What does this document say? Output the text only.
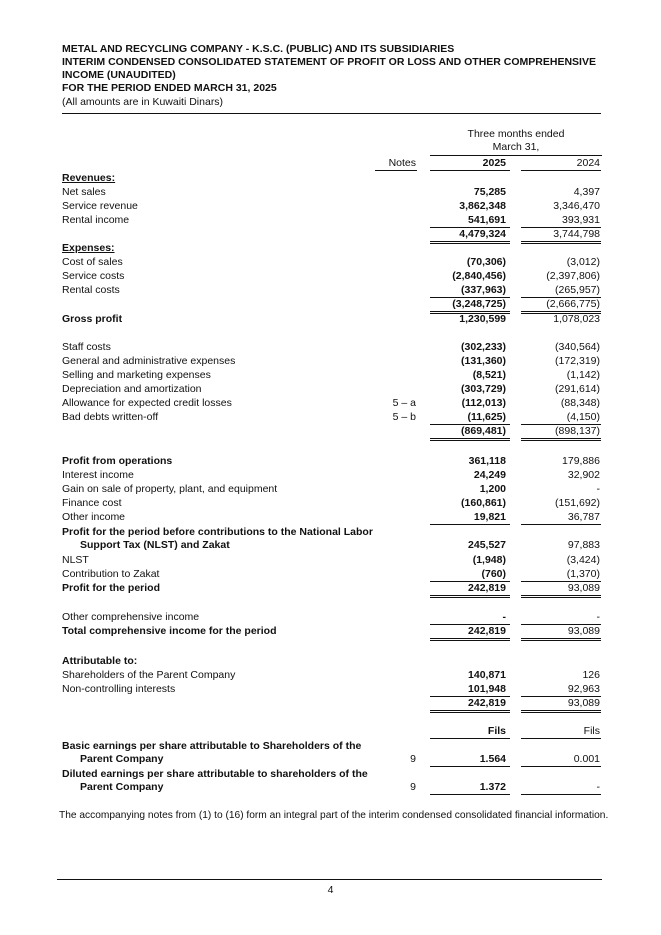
METAL AND RECYCLING COMPANY - K.S.C. (PUBLIC) AND ITS SUBSIDIARIES
INTERIM CONDENSED CONSOLIDATED STATEMENT OF PROFIT OR LOSS AND OTHER COMPREHENSIVE
INCOME (UNAUDITED)
FOR THE PERIOD ENDED MARCH 31, 2025
(All amounts are in Kuwaiti Dinars)
Three months ended
March 31,
Notes	2025	2024
Revenues:
Net sales	75,285	4,397
Service revenue	3,862,348	3,346,470
Rental income	541,691	393,931
4,479,324	3,744,798
Expenses:
Cost of sales	(70,306)	(3,012)
Service costs	(2,840,456)	(2,397,806)
Rental costs	(337,963)	(265,957)
(3,248,725)	(2,666,775)
Gross profit	1,230,599	1,078,023
Staff costs	(302,233)	(340,564)
General and administrative expenses	(131,360)	(172,319)
Selling and marketing expenses	(8,521)	(1,142)
Depreciation and amortization	(303,729)	(291,614)
Allowance for expected credit losses	5 – a	(112,013)	(88,348)
Bad debts written-off	5 – b	(11,625)	(4,150)
(869,481)	(898,137)
Profit from operations	361,118	179,886
Interest income	24,249	32,902
Gain on sale of property, plant, and equipment	1,200	-
Finance cost	(160,861)	(151,692)
Other income	19,821	36,787
Profit for the period before contributions to the National Labor
Support Tax (NLST) and Zakat	245,527	97,883
NLST	(1,948)	(3,424)
Contribution to Zakat	(760)	(1,370)
Profit for the period	242,819	93,089
Other comprehensive income	-	-
Total comprehensive income for the period	242,819	93,089
Attributable to:
Shareholders of the Parent Company	140,871	126
Non-controlling interests	101,948	92,963
242,819	93,089
Fils	Fils
Basic earnings per share attributable to Shareholders of the
Parent Company	9	1.564	0.001
Diluted earnings per share attributable to shareholders of the
Parent Company	9	1.372	-
The accompanying notes from (1) to (16) form an integral part of the interim condensed consolidated financial information.
4
